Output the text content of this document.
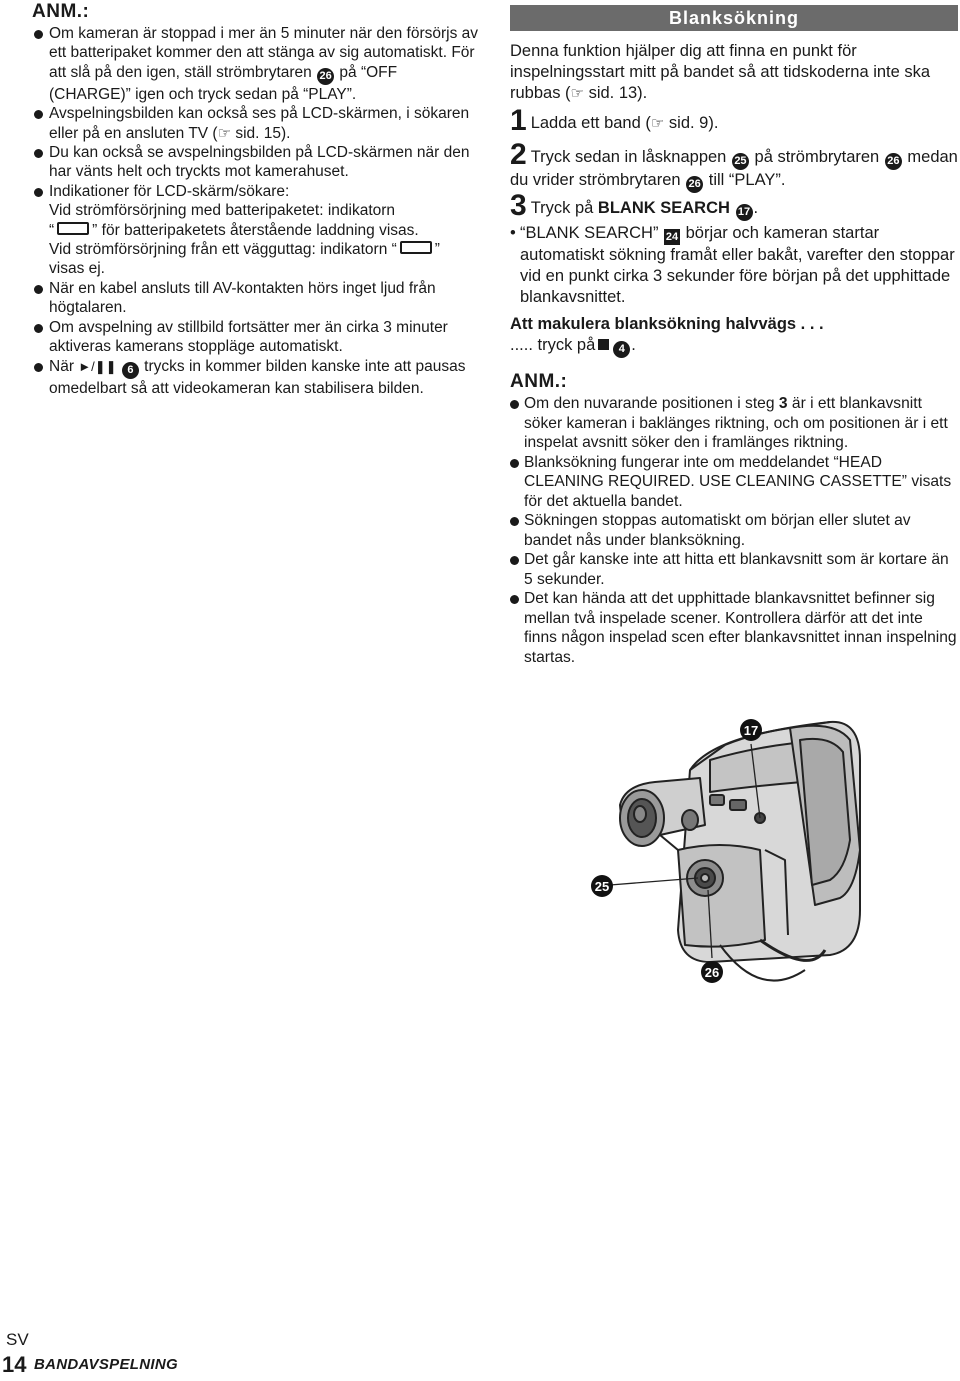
ANM.:
Om kameran är stoppad i mer än 5 minuter när den försörjs av ett batteripaket kommer den att stänga av sig automatiskt. För att slå på den igen, ställ strömbrytaren 26 på “OFF (CHARGE)” igen och tryck sedan på “PLAY”.
Avspelningsbilden kan också ses på LCD-skärmen, i sökaren eller på en ansluten TV (☞ sid. 15).
Du kan också se avspelningsbilden på LCD-skärmen när den har vänts helt och tryckts mot kamerahuset.
Indikationer för LCD-skärm/sökare:
Vid strömförsörjning med batteripaketet: indikatorn
“ ” för batteripaketets återstående laddning visas.
Vid strömförsörjning från ett vägguttag: indikatorn “ ”
visas ej.
När en kabel ansluts till AV-kontakten hörs inget ljud från högtalaren.
Om avspelning av stillbild fortsätter mer än cirka 3 minuter aktiveras kamerans stoppläge automatiskt.
När ►/❚❚ 6 trycks in kommer bilden kanske inte att pausas omedelbart så att videokameran kan stabilisera bilden.
Blanksökning

Denna funktion hjälper dig att finna en punkt för inspelningsstart mitt på bandet så att tidskoderna inte ska rubbas (☞ sid. 13).

1 Ladda ett band (☞ sid. 9).

2 Tryck sedan in låsknappen 25 på strömbrytaren 26 medan du vrider strömbrytaren 26 till “PLAY”.

3 Tryck på BLANK SEARCH 17 .

• “BLANK SEARCH” 24 börjar och kameran startar automatiskt sökning framåt eller bakåt, varefter den stoppar vid en punkt cirka 3 sekunder före början på det upphittade blankavsnittet.

Att makulera blanksökning halvvägs . . .

..... tryck på 4 .

ANM.:
Om den nuvarande positionen i steg 3 är i ett blankavsnitt söker kameran i baklänges riktning, och om positionen är i ett inspelat avsnitt söker den i framlänges riktning.
Blanksökning fungerar inte om meddelandet “HEAD CLEANING REQUIRED. USE CLEANING CASSETTE” visats för det aktuella bandet.
Sökningen stoppas automatiskt om början eller slutet av bandet nås under blanksökning.
Det går kanske inte att hitta ett blankavsnitt som är kortare än 5 sekunder.
Det kan hända att det upphittade blankavsnittet befinner sig mellan två inspelade scener. Kontrollera därför att det inte finns någon inspelad scen efter blankavsnittet innan inspelning startas.
17
25
26
SV
14 BANDAVSPELNING
